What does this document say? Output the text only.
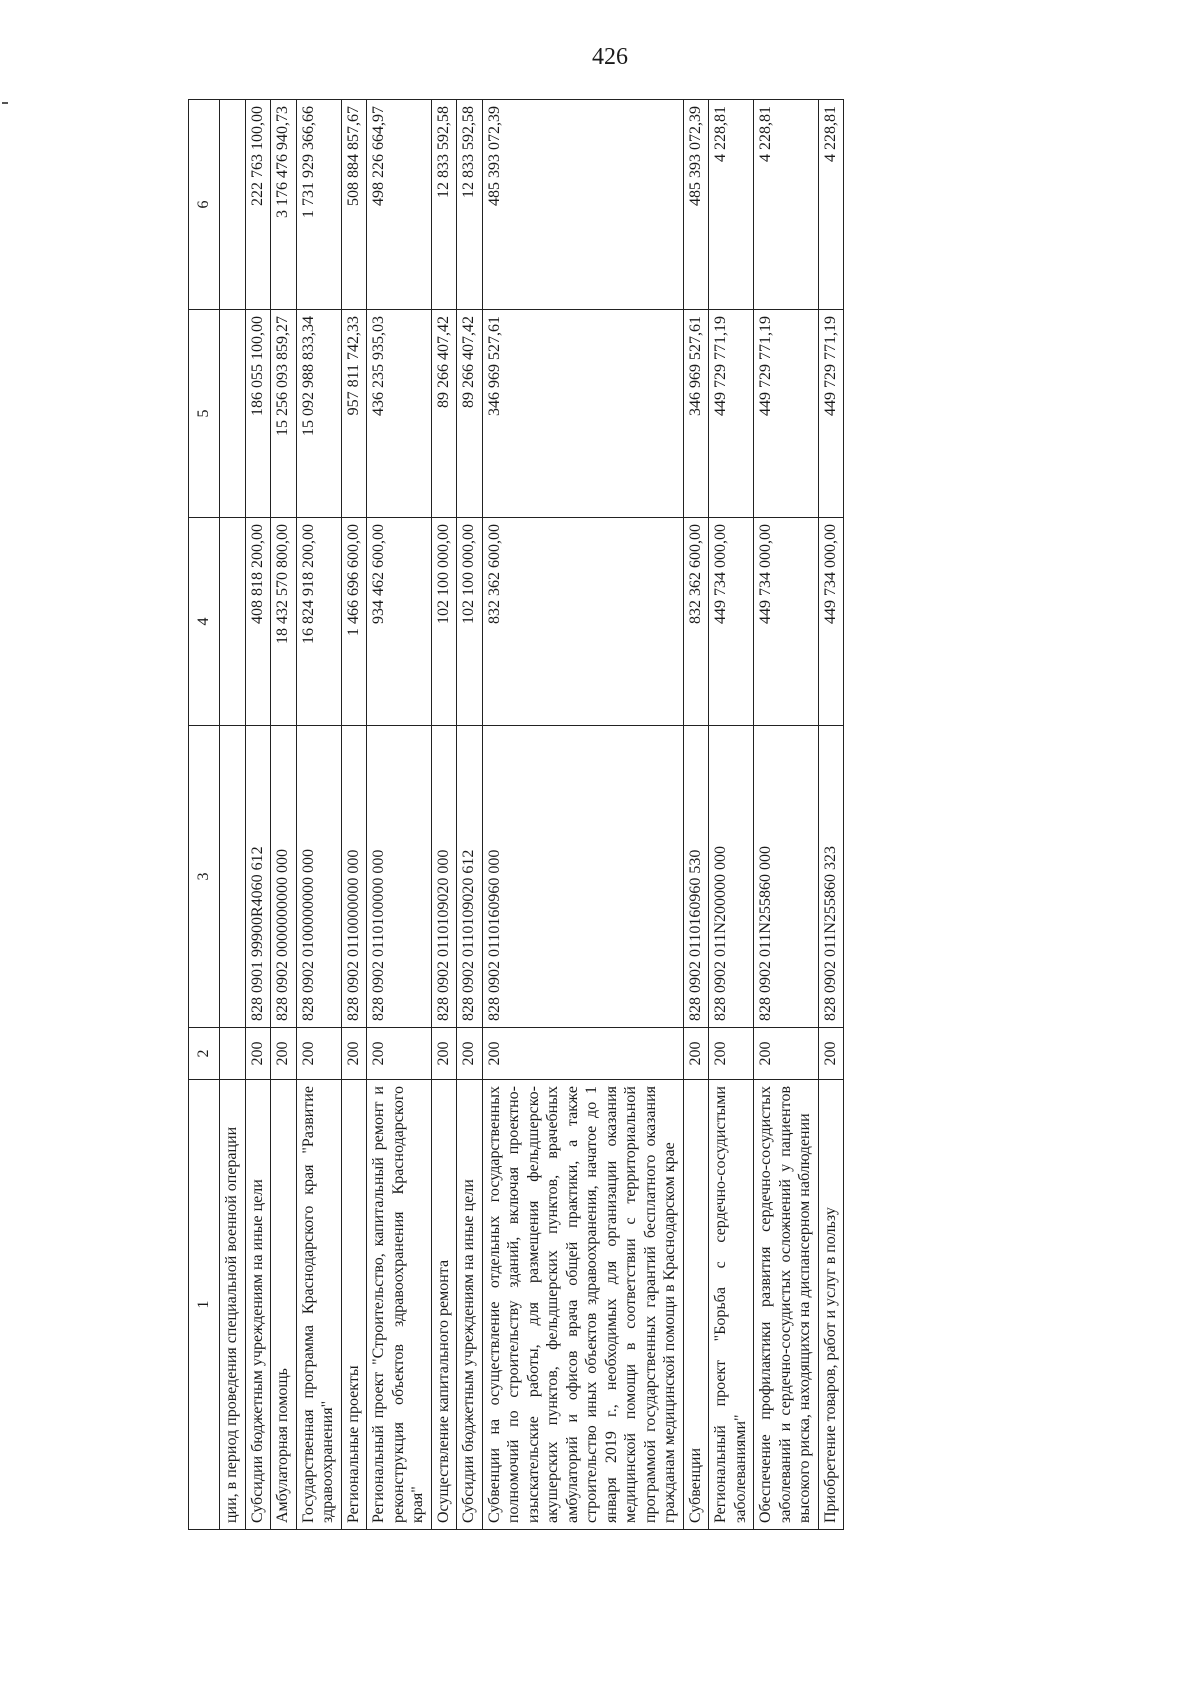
426
1	2	3	4	5	6
ции, в период проведения специальной военной операции					
Субсидии бюджетным учреждениям на иные цели	200	828 0901 99900R4060 612	408 818 200,00	186 055 100,00	222 763 100,00
Амбулаторная помощь	200	828 0902 0000000000 000	18 432 570 800,00	15 256 093 859,27	3 176 476 940,73
Государственная программа Краснодарского края "Развитие здравоохранения"	200	828 0902 0100000000 000	16 824 918 200,00	15 092 988 833,34	1 731 929 366,66
Региональные проекты	200	828 0902 0110000000 000	1 466 696 600,00	957 811 742,33	508 884 857,67
Региональный проект "Строительство, капитальный ремонт и реконструкция объектов здравоохранения Краснодарского края"	200	828 0902 0110100000 000	934 462 600,00	436 235 935,03	498 226 664,97
Осуществление капитального ремонта	200	828 0902 0110109020 000	102 100 000,00	89 266 407,42	12 833 592,58
Субсидии бюджетным учреждениям на иные цели	200	828 0902 0110109020 612	102 100 000,00	89 266 407,42	12 833 592,58
Субвенции на осуществление отдельных государственных полномочий по строительству зданий, включая проектно-изыскательские работы, для размещения фельдшерско-акушерских пунктов, фельдшерских пунктов, врачебных амбулаторий и офисов врача общей практики, а также строительство иных объектов здравоохранения, начатое до 1 января 2019 г., необходимых для организации оказания медицинской помощи в соответствии с территориальной программой государственных гарантий бесплатного оказания гражданам медицинской помощи в Краснодарском крае	200	828 0902 0110160960 000	832 362 600,00	346 969 527,61	485 393 072,39
Субвенции	200	828 0902 0110160960 530	832 362 600,00	346 969 527,61	485 393 072,39
Региональный проект "Борьба с сердечно-сосудистыми заболеваниями"	200	828 0902 011N200000 000	449 734 000,00	449 729 771,19	4 228,81
Обеспечение профилактики развития сердечно-сосудистых заболеваний и сердечно-сосудистых осложнений у пациентов высокого риска, находящихся на диспансерном наблюдении	200	828 0902 011N255860 000	449 734 000,00	449 729 771,19	4 228,81
Приобретение товаров, работ и услуг в пользу	200	828 0902 011N255860 323	449 734 000,00	449 729 771,19	4 228,81
